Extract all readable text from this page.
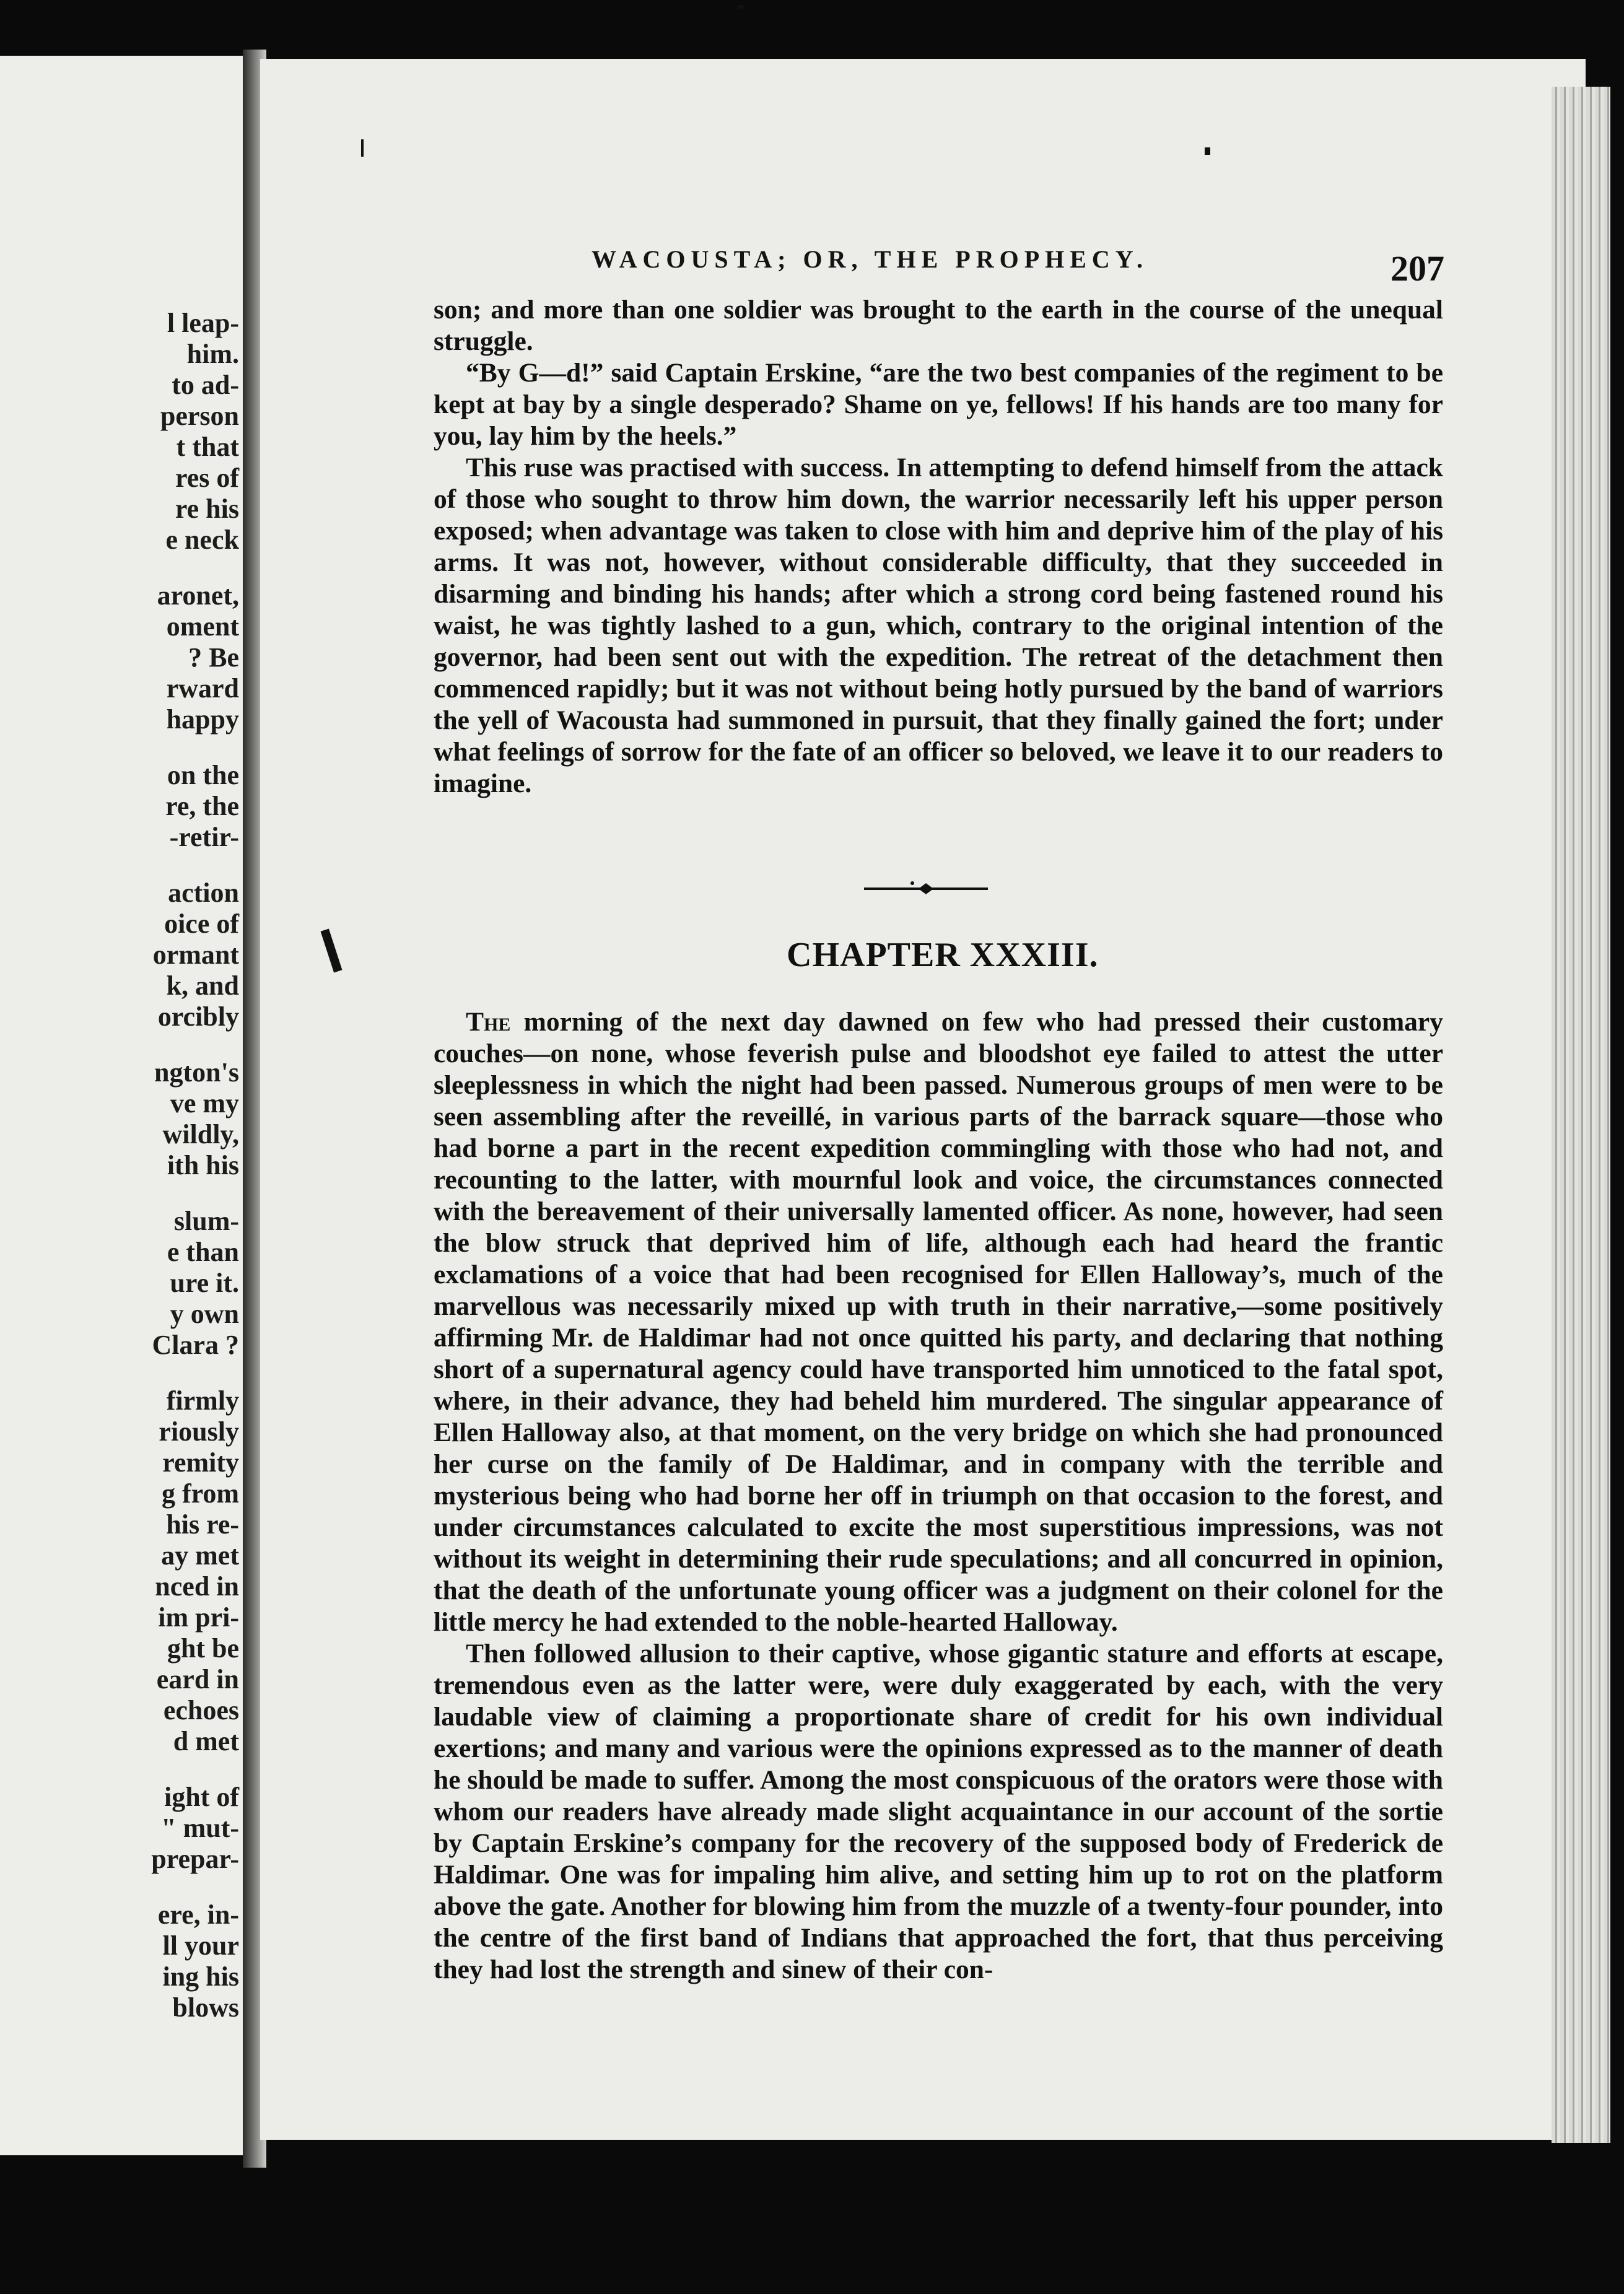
l leap-
him.
to ad-
person
t that
res of
re his
e neck
aronet,
oment
? Be
rward
happy
on the
re, the
-retir-
action
oice of
ormant
k, and
orcibly
ngton's
ve my
wildly,
ith his
slum-
e than
ure it.
y own
Clara ?
firmly
riously
remity
g from
his re-
ay met
nced in
im pri-
ght be
eard in
echoes
d met
ight of
" mut-
prepar-
ere, in-
ll your
ing his
blows
WACOUSTA; OR, THE PROPHECY.	207

son; and more than one soldier was brought to the earth in the course of the unequal struggle.

“By G—d!” said Captain Erskine, “are the two best companies of the regiment to be kept at bay by a single desperado? Shame on ye, fellows! If his hands are too many for you, lay him by the heels.”

This ruse was practised with success. In attempting to defend himself from the attack of those who sought to throw him down, the warrior necessarily left his upper person exposed; when advantage was taken to close with him and deprive him of the play of his arms. It was not, however, without considerable difficulty, that they succeeded in disarming and binding his hands; after which a strong cord being fastened round his waist, he was tightly lashed to a gun, which, contrary to the original intention of the governor, had been sent out with the expedition. The retreat of the detachment then commenced rapidly; but it was not without being hotly pursued by the band of warriors the yell of Wacousta had summoned in pursuit, that they finally gained the fort; under what feelings of sorrow for the fate of an officer so beloved, we leave it to our readers to imagine.

CHAPTER XXXIII.

The morning of the next day dawned on few who had pressed their customary couches—on none, whose feverish pulse and bloodshot eye failed to attest the utter sleeplessness in which the night had been passed. Numerous groups of men were to be seen assembling after the reveillé, in various parts of the barrack square—those who had borne a part in the recent expedition commingling with those who had not, and recounting to the latter, with mournful look and voice, the circumstances connected with the bereavement of their universally lamented officer. As none, however, had seen the blow struck that deprived him of life, although each had heard the frantic exclamations of a voice that had been recognised for Ellen Halloway’s, much of the marvellous was necessarily mixed up with truth in their narrative,—some positively affirming Mr. de Haldimar had not once quitted his party, and declaring that nothing short of a supernatural agency could have transported him unnoticed to the fatal spot, where, in their advance, they had beheld him murdered. The singular appearance of Ellen Halloway also, at that moment, on the very bridge on which she had pronounced her curse on the family of De Haldimar, and in company with the terrible and mysterious being who had borne her off in triumph on that occasion to the forest, and under circumstances calculated to excite the most superstitious impressions, was not without its weight in determining their rude speculations; and all concurred in opinion, that the death of the unfortunate young officer was a judgment on their colonel for the little mercy he had extended to the noble-hearted Halloway.

Then followed allusion to their captive, whose gigantic stature and efforts at escape, tremendous even as the latter were, were duly exaggerated by each, with the very laudable view of claiming a proportionate share of credit for his own individual exertions; and many and various were the opinions expressed as to the manner of death he should be made to suffer. Among the most conspicuous of the orators were those with whom our readers have already made slight acquaintance in our account of the sortie by Captain Erskine’s company for the recovery of the supposed body of Frederick de Haldimar. One was for impaling him alive, and setting him up to rot on the platform above the gate. Another for blowing him from the muzzle of a twenty-four pounder, into the centre of the first band of Indians that approached the fort, that thus perceiving they had lost the strength and sinew of their con-
